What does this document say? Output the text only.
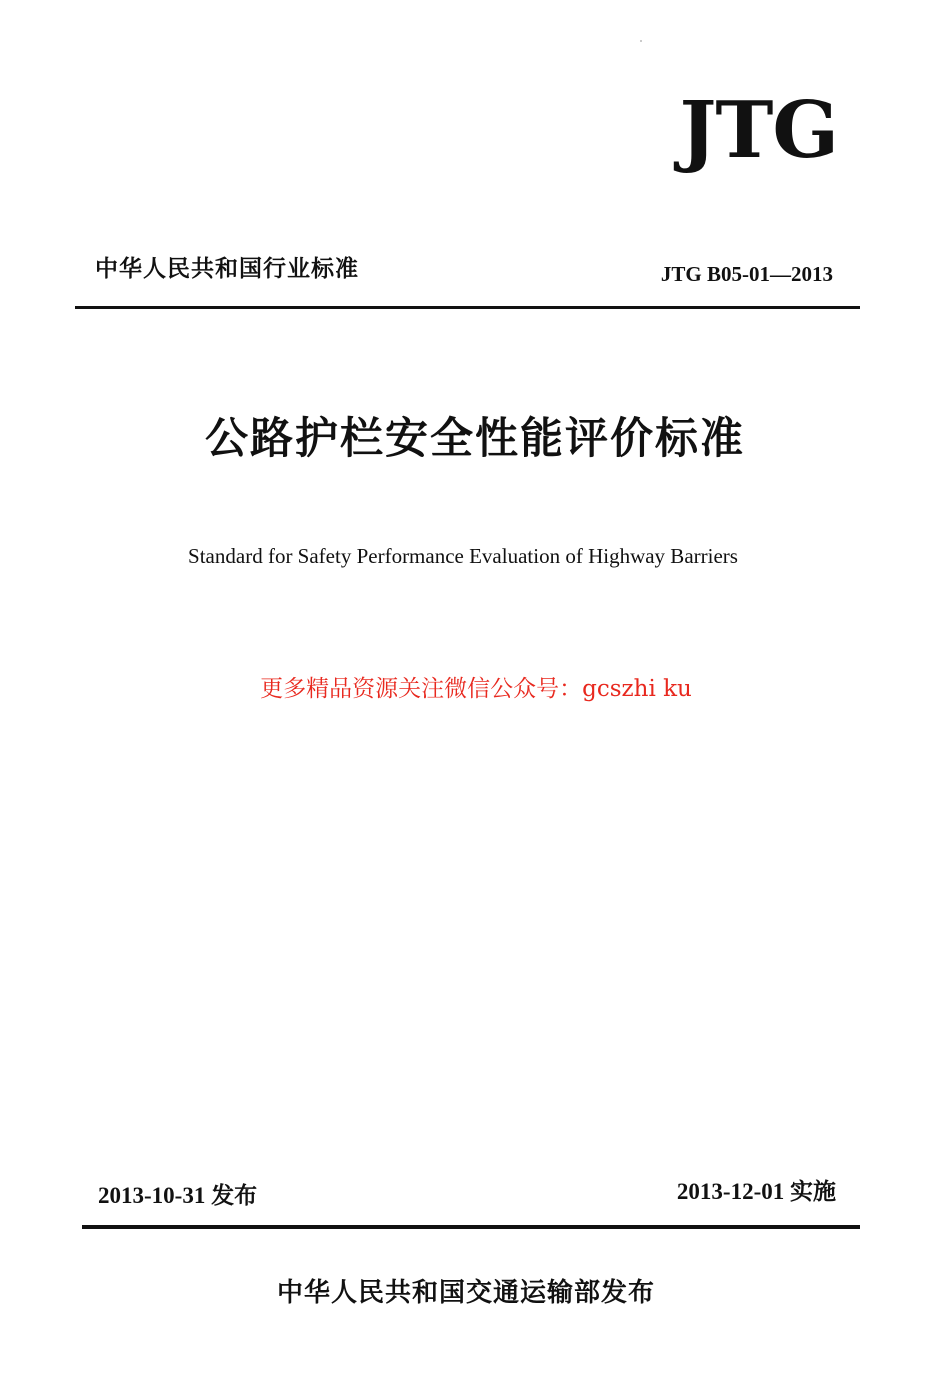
JTG
中华人民共和国行业标准	JTG B05-01—2013
公路护栏安全性能评价标准
Standard for Safety Performance Evaluation of Highway Barriers
更多精品资源关注微信公众号：gcszhi ku
2013-10-31 发布	2013-12-01 实施
中华人民共和国交通运输部发布
